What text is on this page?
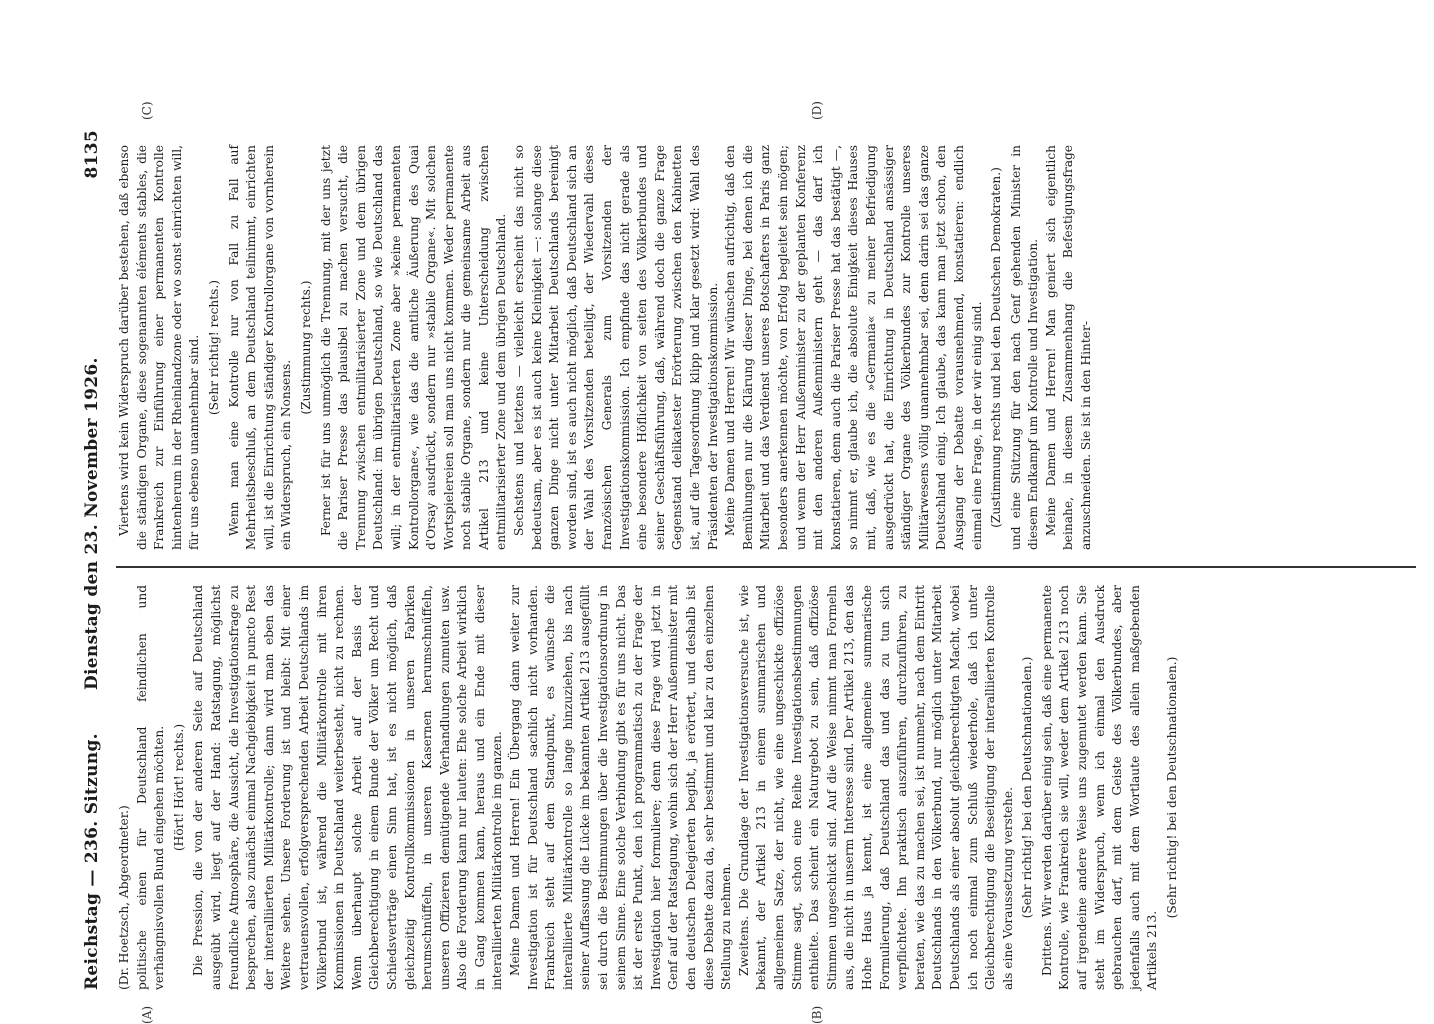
Reichstag — 236. Sitzung.
Dienstag den 23. November 1926.
8135

(Dr. Hoetzsch, Abgeordneter.) politische einen für Deutschland feindlichen und verhängnisvollen Bund eingehen möchten. (Hört! Hört! rechts.) Die Pression, die von der anderen Seite auf Deutschland ausgeübt wird, liegt auf der Hand: Ratstagung, möglichst freundliche Atmosphäre, die Aussicht, die Investigationsfrage zu besprechen, also zunächst einmal Nachgiebigkeit in puncto Rest der interalliierten Militärkontrolle; dann wird man eben das Weitere sehen. Unsere Forderung ist und bleibt: Mit einer vertrauensvollen, erfolgversprechenden Arbeit Deutschlands im Völkerbund ist, während die Militärkontrolle mit ihren Kommissionen in Deutschland weiterbesteht, nicht zu rechnen. Wenn überhaupt solche Arbeit auf der Basis der Gleichberechtigung in einem Bunde der Völker um Recht und Schiedsverträge einen Sinn hat, ist es nicht möglich, daß gleichzeitig Kontrollkommissionen in unseren Fabriken herumschnüffeln, in unseren Kasernen herumschnüffeln, unseren Offizieren demütigende Verhandlungen zumuten usw. Also die Forderung kann nur lauten: Ehe solche Arbeit wirklich in Gang kommen kann, heraus und ein Ende mit dieser interalliierten Militärkontrolle im ganzen. Meine Damen und Herren! Ein Übergang dann weiter zur Investigation ist für Deutschland sachlich nicht vorhanden. Frankreich steht auf dem Standpunkt, es wünsche die interalliierte Militärkontrolle so lange hinzuziehen, bis nach seiner Auffassung die Lücke im bekannten Artikel 213 ausgefüllt sei durch die Bestimmungen über die Investigationsordnung in seinem Sinne. Eine solche Verbindung gibt es für uns nicht. Das ist der erste Punkt, den ich programmatisch zu der Frage der Investigation hier formuliere; denn diese Frage wird jetzt in Genf auf der Ratstagung, wohin sich der Herr Außenminister mit den deutschen Delegierten begibt, ja erörtert, und deshalb ist diese Debatte dazu da, sehr bestimmt und klar zu den einzelnen Stellung zu nehmen. Zweitens. Die Grundlage der Investigationsversuche ist, wie bekannt, der Artikel 213 in einem summarischen und allgemeinen Satze, der nicht, wie eine ungeschickte offiziöse Stimme sagt, schon eine Reihe Investigationsbestimmungen enthielte. Das scheint ein Naturgebot zu sein, daß offiziöse Stimmen ungeschickt sind. Auf die Weise nimmt man Formeln aus, die nicht in unserm Interesse sind. Der Artikel 213, den das Hohe Haus ja kennt, ist eine allgemeine summarische Formulierung, daß Deutschland das und das zu tun sich verpflichtete. Ihn praktisch auszuführen, durchzuführen, zu beraten, wie das zu machen sei, ist nunmehr, nach dem Eintritt Deutschlands in den Völkerbund, nur möglich unter Mitarbeit Deutschlands als einer absolut gleichberechtigten Macht, wobei ich noch einmal zum Schluß wiederhole, daß ich unter Gleichberechtigung die Beseitigung der interalliierten Kontrolle als eine Voraussetzung verstehe. (Sehr richtig! bei den Deutschnationalen.) Drittens. Wir werden darüber einig sein, daß eine permanente Kontrolle, wie Frankreich sie will, weder dem Artikel 213 noch auf irgendeine andere Weise uns zugemutet werden kann. Sie steht im Widerspruch, wenn ich einmal den Ausdruck gebrauchen darf, mit dem Geiste des Völkerbundes, aber jedenfalls auch mit dem Wortlaute des allein maßgebenden Artikels 213.

(Sehr richtig! bei den Deutschnationalen.)

Viertens wird kein Widerspruch darüber bestehen, daß ebenso die ständigen Organe, diese sogenannten éléments stables, die Frankreich zur Einführung einer permanenten Kontrolle hintenherum in der Rheinlandzone oder wo sonst einrichten will, für uns ebenso unannehmbar sind. (Sehr richtig! rechts.) Wenn man eine Kontrolle nur von Fall zu Fall auf Mehrheitsbeschluß, an dem Deutschland teilnimmt, einrichten will, ist die Einrichtung ständiger Kontrollorgane von vornherein ein Widerspruch, ein Nonsens.

(Zustimmung rechts.) Ferner ist für uns unmöglich die Trennung, mit der uns jetzt die Pariser Presse das plausibel zu machen versucht, die Trennung zwischen entmilitarisierter Zone und dem übrigen Deutschland: im übrigen Deutschland, so wie Deutschland das will; in der entmilitarisierten Zone aber »keine permanenten Kontrollorgane«, wie das die amtliche Äußerung des Quai d'Orsay ausdrückt, sondern nur »stabile Organe«. Mit solchen Wortspielereien soll man uns nicht kommen. Weder permanente noch stabile Organe, sondern nur die gemeinsame Arbeit aus Artikel 213 und keine Unterscheidung zwischen entmilitarisierter Zone und dem übrigen Deutschland. Sechstens und letztens — vielleicht erscheint das nicht so bedeutsam, aber es ist auch keine Kleinigkeit —: solange diese ganzen Dinge nicht unter Mitarbeit Deutschlands bereinigt worden sind, ist es auch nicht möglich, daß Deutschland sich an der Wahl des Vorsitzenden beteiligt, der Wiedervahl dieses französischen Generals zum Vorsitzenden der Investigationskommission. Ich empfinde das nicht gerade als eine besondere Höflichkeit von seiten des Völkerbundes und seiner Geschäftsführung, daß, während doch die ganze Frage Gegenstand delikatester Erörterung zwischen den Kabinetten ist, auf die Tagesordnung klipp und klar gesetzt wird: Wahl des Präsidenten der Investigationskommission. Meine Damen und Herren! Wir wünschen aufrichtig, daß den Bemühungen nur die Klärung dieser Dinge, bei denen ich die Mitarbeit und das Verdienst unseres Botschafters in Paris ganz besonders anerkennen möchte, von Erfolg begleitet sein mögen; und wenn der Herr Außenminister zu der geplanten Konferenz mit den anderen Außenministern geht — das darf ich konstatieren, denn auch die Pariser Presse hat das bestätigt —, so nimmt er, glaube ich, die absolute Einigkeit dieses Hauses mit, daß, wie es die »Germania« zu meiner Befriedigung ausgedrückt hat, die Einrichtung in Deutschland ansässiger ständiger Organe des Völkerbundes zur Kontrolle unseres Militärwesens völlig unannehmbar sei, denn darin sei das ganze Deutschland einig. Ich glaube, das kann man jetzt schon, den Ausgang der Debatte vorausnehmend, konstatieren: endlich einmal eine Frage, in der wir einig sind. (Zustimmung rechts und bei den Deutschen Demokraten.) und eine Stützung für den nach Genf gehenden Minister in diesem Endkampf um Kontrolle und Investigation. Meine Damen und Herren! Man geniert sich eigentlich beinahe, in diesem Zusammenhang die Befestigungsfrage anzuschneiden. Sie ist in den Hinter-

(A)	(B)
(C)	(D)
